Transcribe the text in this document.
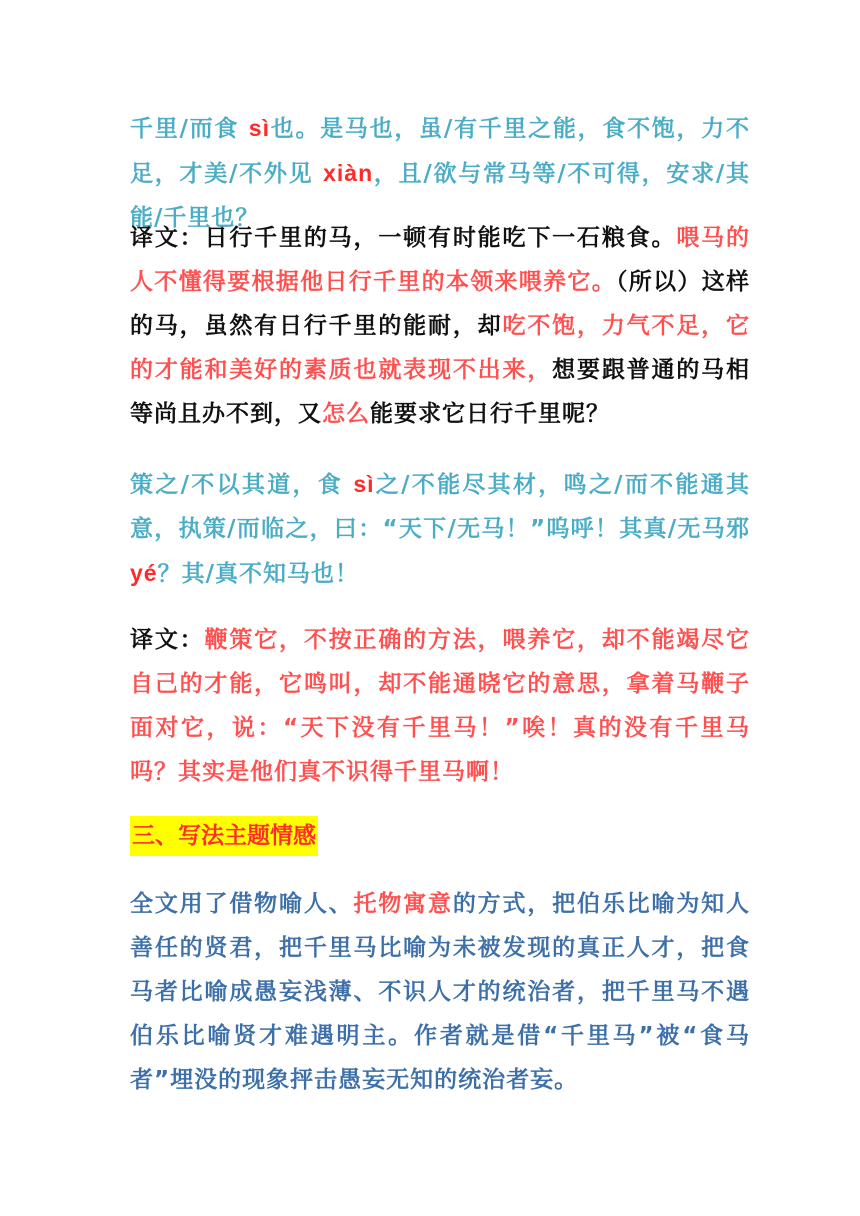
千里/而食 sì也。是马也，虽/有千里之能，食不饱，力不足，才美/不外见 xiàn，且/欲与常马等/不可得，安求/其能/千里也？

译文：日行千里的马，一顿有时能吃下一石粮食。喂马的人不懂得要根据他日行千里的本领来喂养它。（所以）这样的马，虽然有日行千里的能耐，却吃不饱，力气不足，它的才能和美好的素质也就表现不出来，想要跟普通的马相等尚且办不到，又怎么能要求它日行千里呢？

策之/不以其道，食 sì之/不能尽其材，鸣之/而不能通其意，执策/而临之，曰：“天下/无马！”呜呼！其真/无马邪 yé？其/真不知马也！

译文：鞭策它，不按正确的方法，喂养它，却不能竭尽它自己的才能，它鸣叫，却不能通晓它的意思，拿着马鞭子面对它，说：“天下没有千里马！”唉！真的没有千里马吗？其实是他们真不识得千里马啊！

三、写法主题情感

全文用了借物喻人、托物寓意的方式，把伯乐比喻为知人善任的贤君，把千里马比喻为未被发现的真正人才，把食马者比喻成愚妄浅薄、不识人才的统治者，把千里马不遇伯乐比喻贤才难遇明主。作者就是借“千里马”被“食马者”埋没的现象抨击愚妄无知的统治者妄。
